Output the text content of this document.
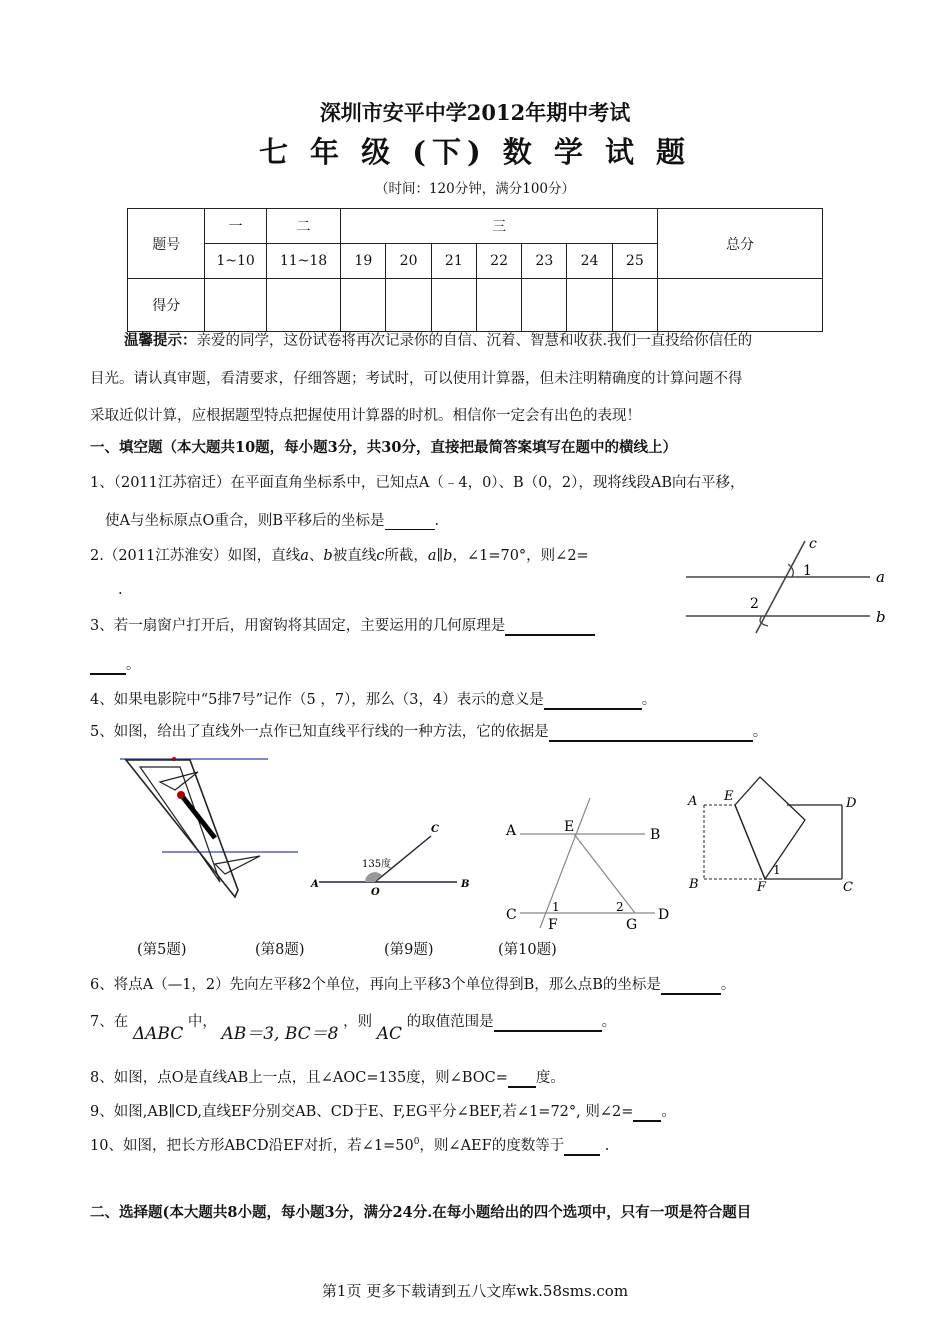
深圳市安平中学2012年期中考试
七 年 级 (下) 数 学 试 题
（时间：120分钟，满分100分）
题号	一	二	三							总分
	1~10	11~18	19	20	21	22	23	24	25	
得分										
温馨提示：亲爱的同学，这份试卷将再次记录你的自信、沉着、智慧和收获.我们一直投给你信任的
目光。请认真审题，看清要求，仔细答题；考试时，可以使用计算器，但未注明精确度的计算问题不得
采取近似计算，应根据题型特点把握使用计算器的时机。相信你一定会有出色的表现！
一、填空题（本大题共10题，每小题3分，共30分，直接把最简答案填写在题中的横线上）
1、（2011江苏宿迁）在平面直角坐标系中，已知点A（﹣4，0）、B（0，2），现将线段AB向右平移，
使A与坐标原点O重合，则B平移后的坐标是	.
2.（2011江苏淮安）如图，直线a、b被直线c所截，a∥b，∠1=70°，则∠2=
.
c
1
2
a
b
3、若一扇窗户打开后，用窗钩将其固定，主要运用的几何原理是
。
4、如果电影院中“5排7号”记作（5 ，7），那么（3，4）表示的意义是	。
5、如图，给出了直线外一点作已知直线平行线的一种方法，它的依据是	。
C
135度
A
O
B
A	E	B
C	1
F
2
G
D
A E	D
B
1
F	C
(第5题)	(第8题)	(第9题)	(第10题)
6、将点A（—1，2）先向左平移2个单位，再向上平移3个单位得到B，那么点B的坐标是	。
7、在 ΔABC 中， AB＝3, BC＝8 ，则 AC 的取值范围是	。
8、如图，点O是直线AB上一点，且∠AOC=135度，则∠BOC= 度。
9、如图,AB∥CD,直线EF分别交AB、CD于E、F,EG平分∠BEF,若∠1=72°, 则∠2= 。
10、如图，把长方形ABCD沿EF对折，若$\angle 1=50^0$，则∠AEF的度数等于  .
二、选择题(本大题共8小题，每小题3分，满分24分.在每小题给出的四个选项中，只有一项是符合题目
第1页 更多下载请到五八文库wk.58sms.com
